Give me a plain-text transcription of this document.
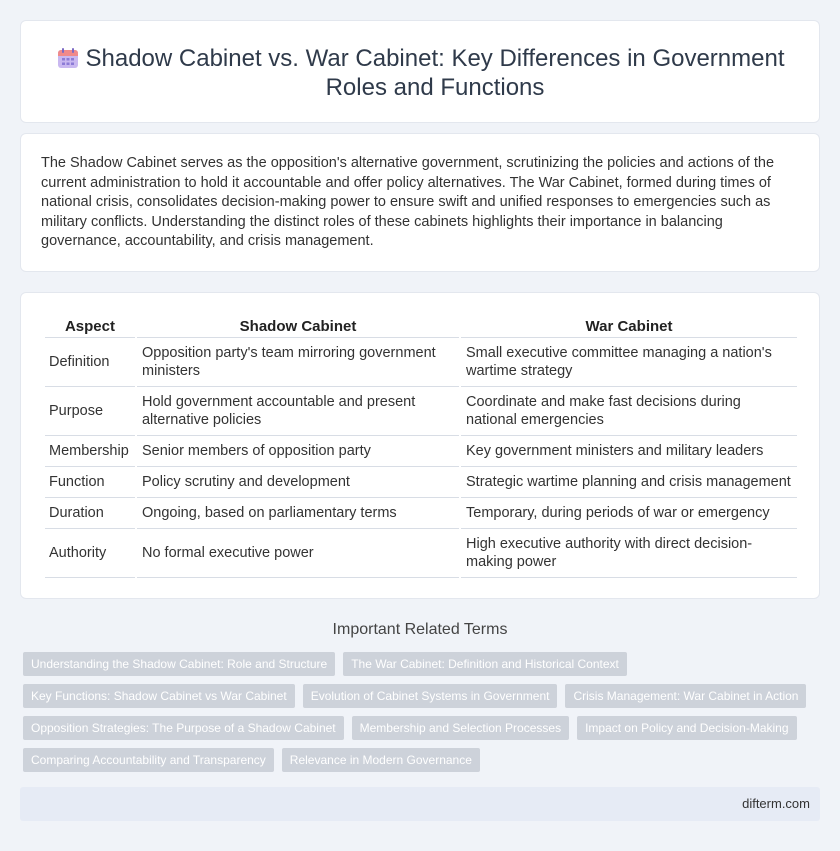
Shadow Cabinet vs. War Cabinet: Key Differences in Government Roles and Functions

The Shadow Cabinet serves as the opposition's alternative government, scrutinizing the policies and actions of the current administration to hold it accountable and offer policy alternatives. The War Cabinet, formed during times of national crisis, consolidates decision-making power to ensure swift and unified responses to emergencies such as military conflicts. Understanding the distinct roles of these cabinets highlights their importance in balancing governance, accountability, and crisis management.

Aspect	Shadow Cabinet	War Cabinet
Definition	Opposition party's team mirroring government ministers	Small executive committee managing a nation's wartime strategy
Purpose	Hold government accountable and present alternative policies	Coordinate and make fast decisions during national emergencies
Membership	Senior members of opposition party	Key government ministers and military leaders
Function	Policy scrutiny and development	Strategic wartime planning and crisis management
Duration	Ongoing, based on parliamentary terms	Temporary, during periods of war or emergency
Authority	No formal executive power	High executive authority with direct decision-making power
Important Related Terms
Understanding the Shadow Cabinet: Role and Structure	The War Cabinet: Definition and Historical Context
Key Functions: Shadow Cabinet vs War Cabinet	Evolution of Cabinet Systems in Government	Crisis Management: War Cabinet in Action
Opposition Strategies: The Purpose of a Shadow Cabinet	Membership and Selection Processes	Impact on Policy and Decision-Making
Comparing Accountability and Transparency	Relevance in Modern Governance
difterm.com
